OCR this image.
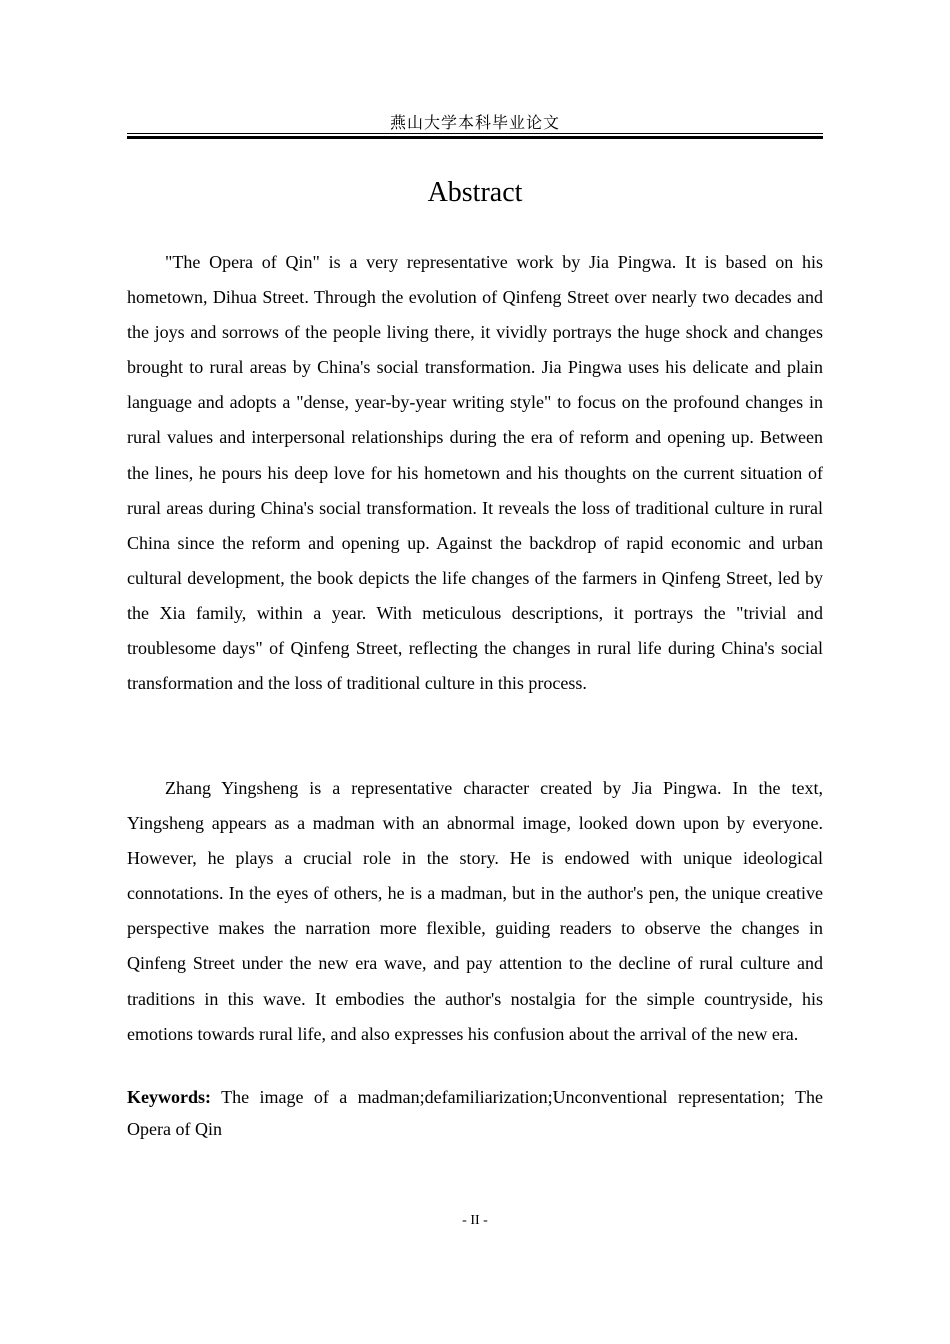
燕山大学本科毕业论文
Abstract

"The Opera of Qin" is a very representative work by Jia Pingwa. It is based on his hometown, Dihua Street. Through the evolution of Qinfeng Street over nearly two decades and the joys and sorrows of the people living there, it vividly portrays the huge shock and changes brought to rural areas by China's social transformation. Jia Pingwa uses his delicate and plain language and adopts a "dense, year-by-year writing style" to focus on the profound changes in rural values and interpersonal relationships during the era of reform and opening up. Between the lines, he pours his deep love for his hometown and his thoughts on the current situation of rural areas during China's social transformation. It reveals the loss of traditional culture in rural China since the reform and opening up. Against the backdrop of rapid economic and urban cultural development, the book depicts the life changes of the farmers in Qinfeng Street, led by the Xia family, within a year. With meticulous descriptions, it portrays the "trivial and troublesome days" of Qinfeng Street, reflecting the changes in rural life during China's social transformation and the loss of traditional culture in this process.

Zhang Yingsheng is a representative character created by Jia Pingwa. In the text, Yingsheng appears as a madman with an abnormal image, looked down upon by everyone. However, he plays a crucial role in the story. He is endowed with unique ideological connotations. In the eyes of others, he is a madman, but in the author's pen, the unique creative perspective makes the narration more flexible, guiding readers to observe the changes in Qinfeng Street under the new era wave, and pay attention to the decline of rural culture and traditions in this wave. It embodies the author's nostalgia for the simple countryside, his emotions towards rural life, and also expresses his confusion about the arrival of the new era.

Keywords: The image of a madman;defamiliarization;Unconventional representation; The Opera of Qin

- II -
